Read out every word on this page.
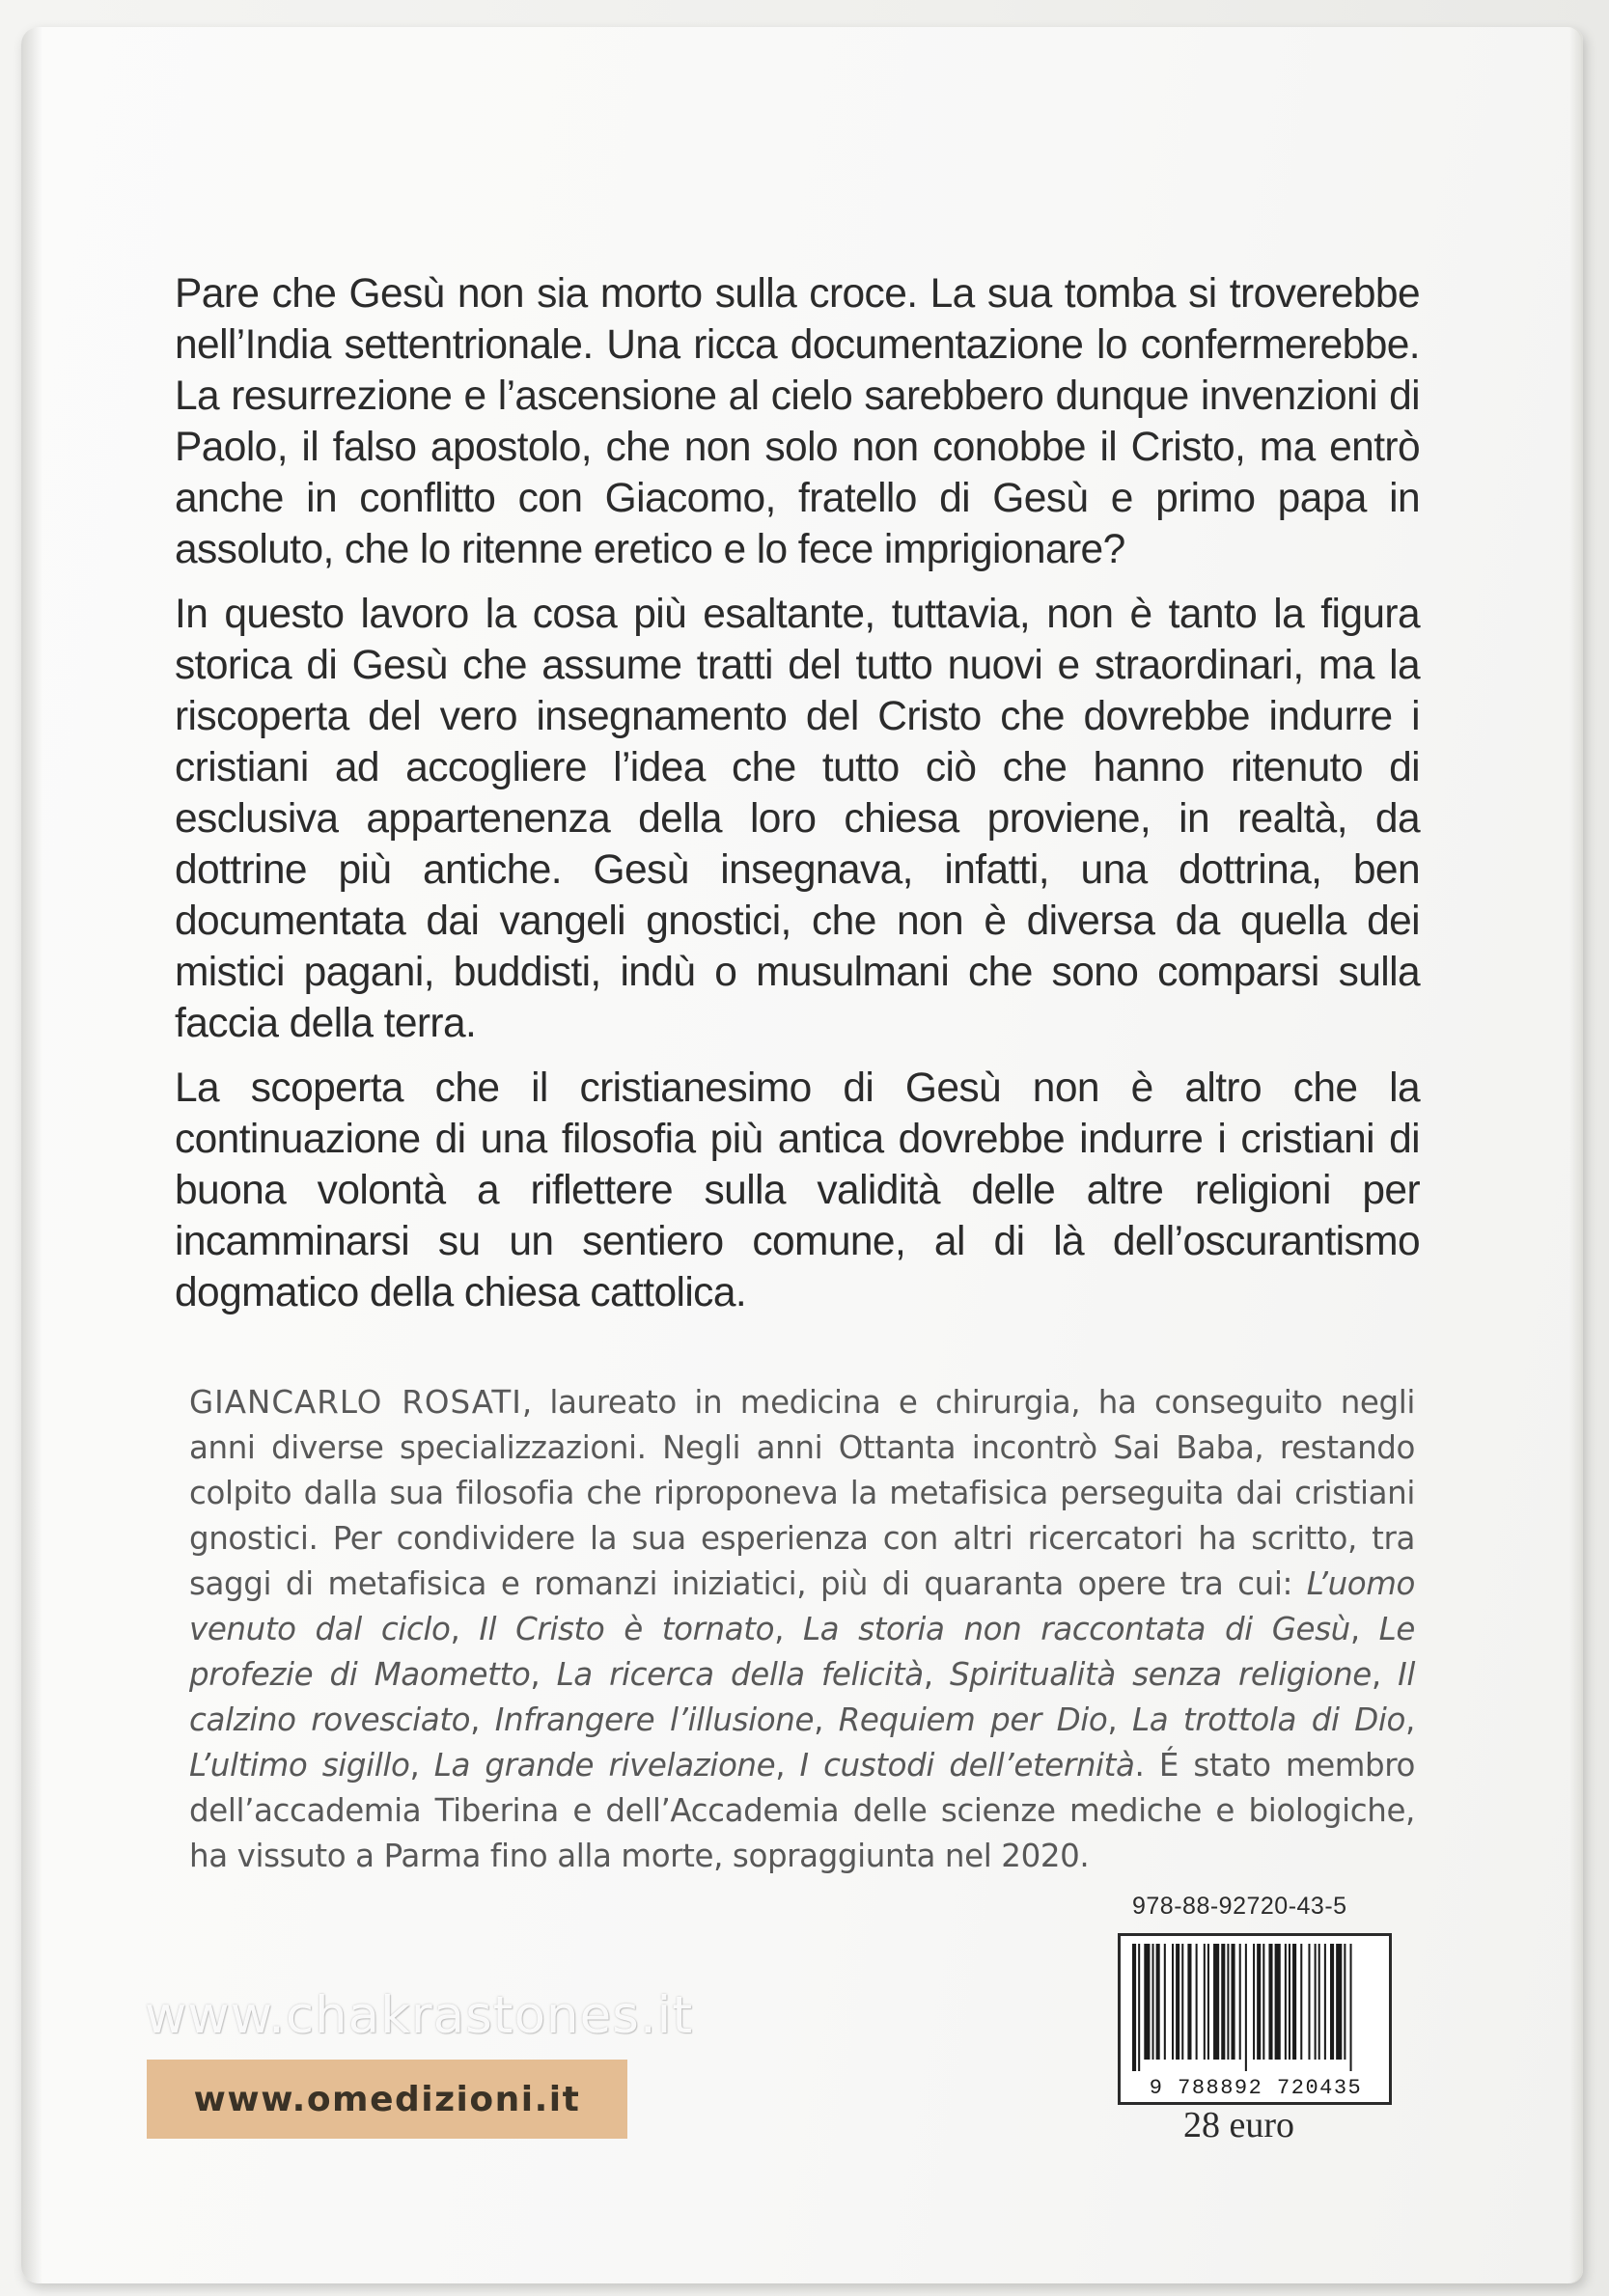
Pare che Gesù non sia morto sulla croce. La sua tomba si troverebbe nell’India settentrionale. Una ricca documentazione lo confermerebbe. La resurrezione e l’ascensione al cielo sarebbero dunque invenzioni di Paolo, il falso apostolo, che non solo non conobbe il Cristo, ma entrò anche in conflitto con Giacomo, fratello di Gesù e primo papa in assoluto, che lo ritenne eretico e lo fece imprigionare?

In questo lavoro la cosa più esaltante, tuttavia, non è tanto la figura storica di Gesù che assume tratti del tutto nuovi e straordinari, ma la riscoperta del vero insegnamento del Cristo che dovrebbe indurre i cristiani ad accogliere l’idea che tutto ciò che hanno ritenuto di esclusiva appartenenza della loro chiesa proviene, in realtà, da dottrine più antiche. Gesù insegnava, infatti, una dottrina, ben documentata dai vangeli gnostici, che non è diversa da quella dei mistici pagani, buddisti, indù o musulmani che sono comparsi sulla faccia della terra.

La scoperta che il cristianesimo di Gesù non è altro che la continuazione di una filosofia più antica dovrebbe indurre i cristiani di buona volontà a riflettere sulla validità delle altre religioni per incamminarsi su un sentiero comune, al di là dell’oscurantismo dogmatico della chiesa cattolica.

GIANCARLO ROSATI, laureato in medicina e chirurgia, ha conseguito negli anni diverse specializzazioni. Negli anni Ottanta incontrò Sai Baba, restando colpito dalla sua filosofia che riproponeva la metafisica perseguita dai cristiani gnostici. Per condividere la sua esperienza con altri ricercatori ha scritto, tra saggi di metafisica e romanzi iniziatici, più di quaranta opere tra cui: L’uomo venuto dal ciclo, Il Cristo è tornato, La storia non raccontata di Gesù, Le profezie di Maometto, La ricerca della felicità, Spiritualità senza religione, Il calzino rovesciato, Infrangere l’illusione, Requiem per Dio, La trottola di Dio, L’ultimo sigillo, La grande rivelazione, I custodi dell’eternità. É stato membro dell’accademia Tiberina e dell’Accademia delle scienze mediche e biologiche, ha vissuto a Parma fino alla morte, sopraggiunta nel 2020.
978-88-92720-43-5
9 788892 720435
28 euro
www.chakrastones.it
www.omedizioni.it
